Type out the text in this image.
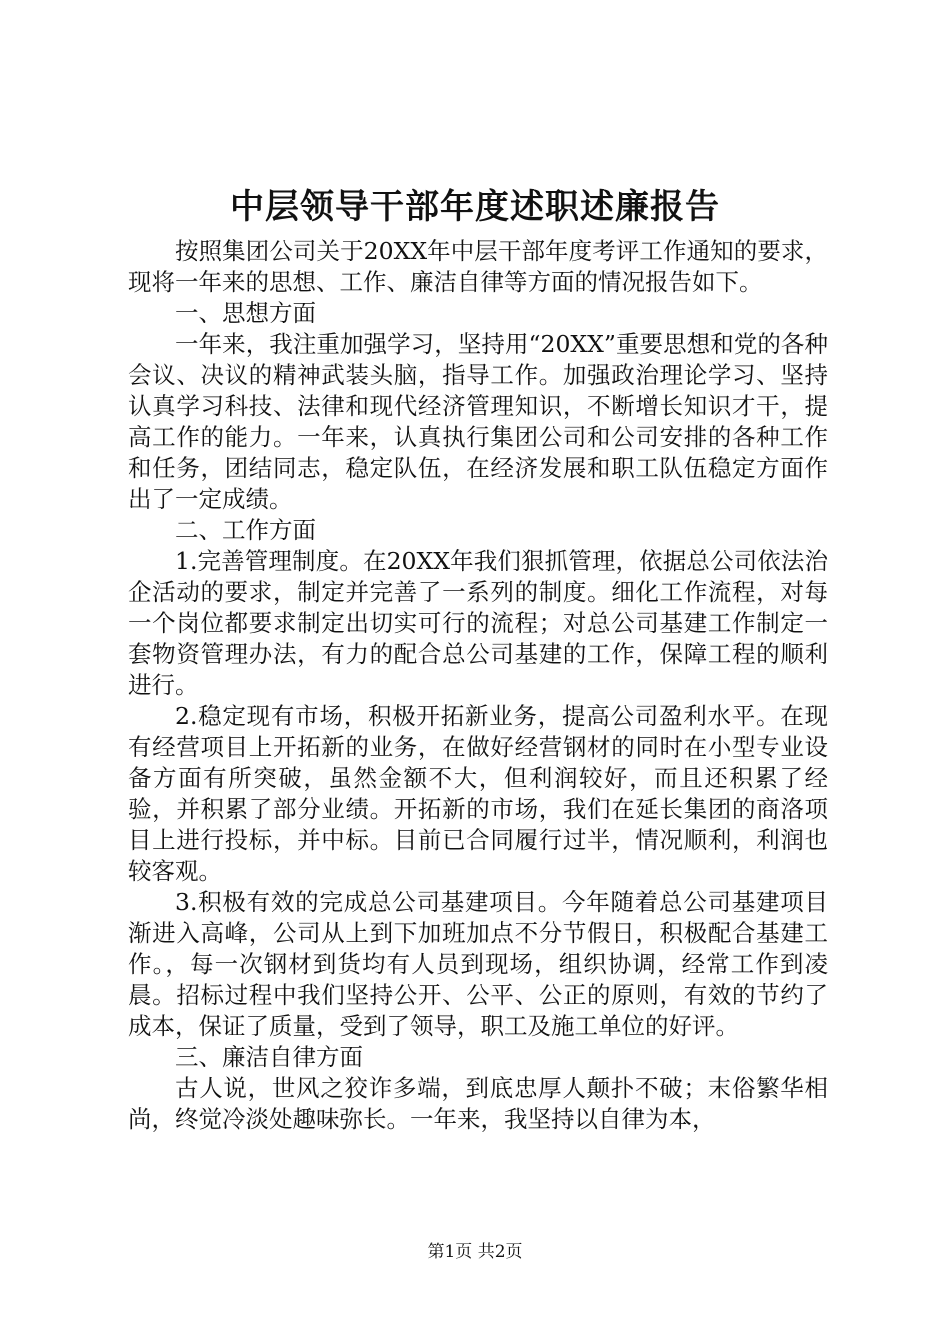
中层领导干部年度述职述廉报告

按照集团公司关于20XX年中层干部年度考评工作通知的要求，现将一年来的思想、工作、廉洁自律等方面的情况报告如下。

一、思想方面

一年来，我注重加强学习，坚持用“20XX”重要思想和党的各种会议、决议的精神武装头脑，指导工作。加强政治理论学习、坚持认真学习科技、法律和现代经济管理知识，不断增长知识才干，提高工作的能力。一年来，认真执行集团公司和公司安排的各种工作和任务，团结同志，稳定队伍，在经济发展和职工队伍稳定方面作出了一定成绩。

二、工作方面

1.完善管理制度。在20XX年我们狠抓管理，依据总公司依法治企活动的要求，制定并完善了一系列的制度。细化工作流程，对每一个岗位都要求制定出切实可行的流程；对总公司基建工作制定一套物资管理办法，有力的配合总公司基建的工作，保障工程的顺利进行。

2.稳定现有市场，积极开拓新业务，提高公司盈利水平。在现有经营项目上开拓新的业务，在做好经营钢材的同时在小型专业设备方面有所突破，虽然金额不大，但利润较好，而且还积累了经验，并积累了部分业绩。开拓新的市场，我们在延长集团的商洛项目上进行投标，并中标。目前已合同履行过半，情况顺利，利润也较客观。

3.积极有效的完成总公司基建项目。今年随着总公司基建项目渐进入高峰，公司从上到下加班加点不分节假日，积极配合基建工作。，每一次钢材到货均有人员到现场，组织协调，经常工作到凌晨。招标过程中我们坚持公开、公平、公正的原则，有效的节约了成本，保证了质量，受到了领导，职工及施工单位的好评。

三、廉洁自律方面

古人说，世风之狡诈多端，到底忠厚人颠扑不破；末俗繁华相尚，终觉冷淡处趣味弥长。一年来，我坚持以自律为本，

第1页 共2页
